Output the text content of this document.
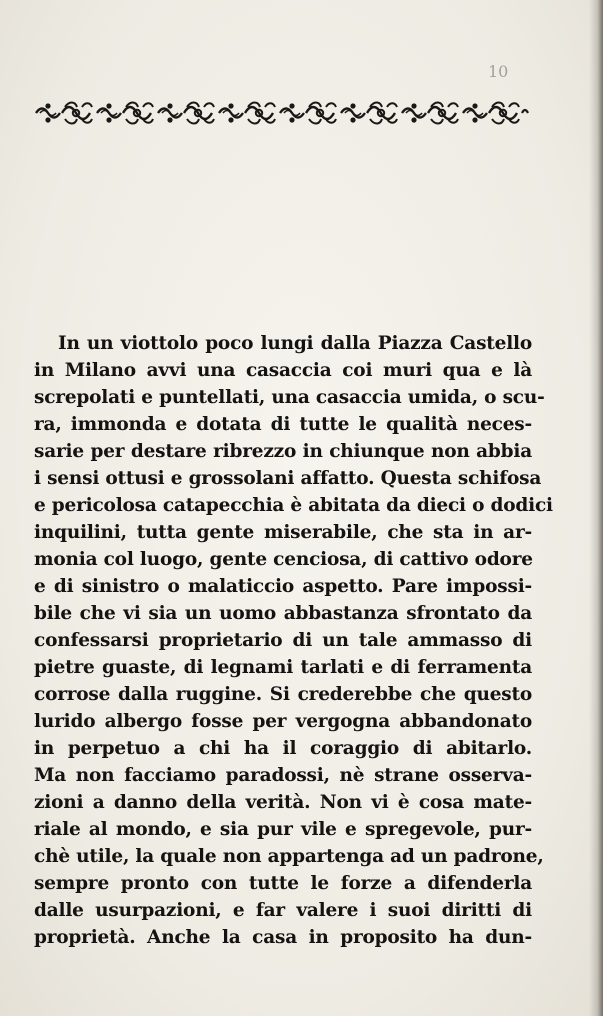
10
In un viottolo poco lungi dalla Piazza Castello
in Milano avvi una casaccia coi muri qua e là
screpolati e puntellati, una casaccia umida, o scu-
ra, immonda e dotata di tutte le qualità neces-
sarie per destare ribrezzo in chiunque non abbia
i sensi ottusi e grossolani affatto. Questa schifosa
e pericolosa catapecchia è abitata da dieci o dodici
inquilini, tutta gente miserabile, che sta in ar-
monia col luogo, gente cenciosa, di cattivo odore
e di sinistro o malaticcio aspetto. Pare impossi-
bile che vi sia un uomo abbastanza sfrontato da
confessarsi proprietario di un tale ammasso di
pietre guaste, di legnami tarlati e di ferramenta
corrose dalla ruggine. Si crederebbe che questo
lurido albergo fosse per vergogna abbandonato
in perpetuo a chi ha il coraggio di abitarlo.
Ma non facciamo paradossi, nè strane osserva-
zioni a danno della verità. Non vi è cosa mate-
riale al mondo, e sia pur vile e spregevole, pur-
chè utile, la quale non appartenga ad un padrone,
sempre pronto con tutte le forze a difenderla
dalle usurpazioni, e far valere i suoi diritti di
proprietà. Anche la casa in proposito ha dun-
